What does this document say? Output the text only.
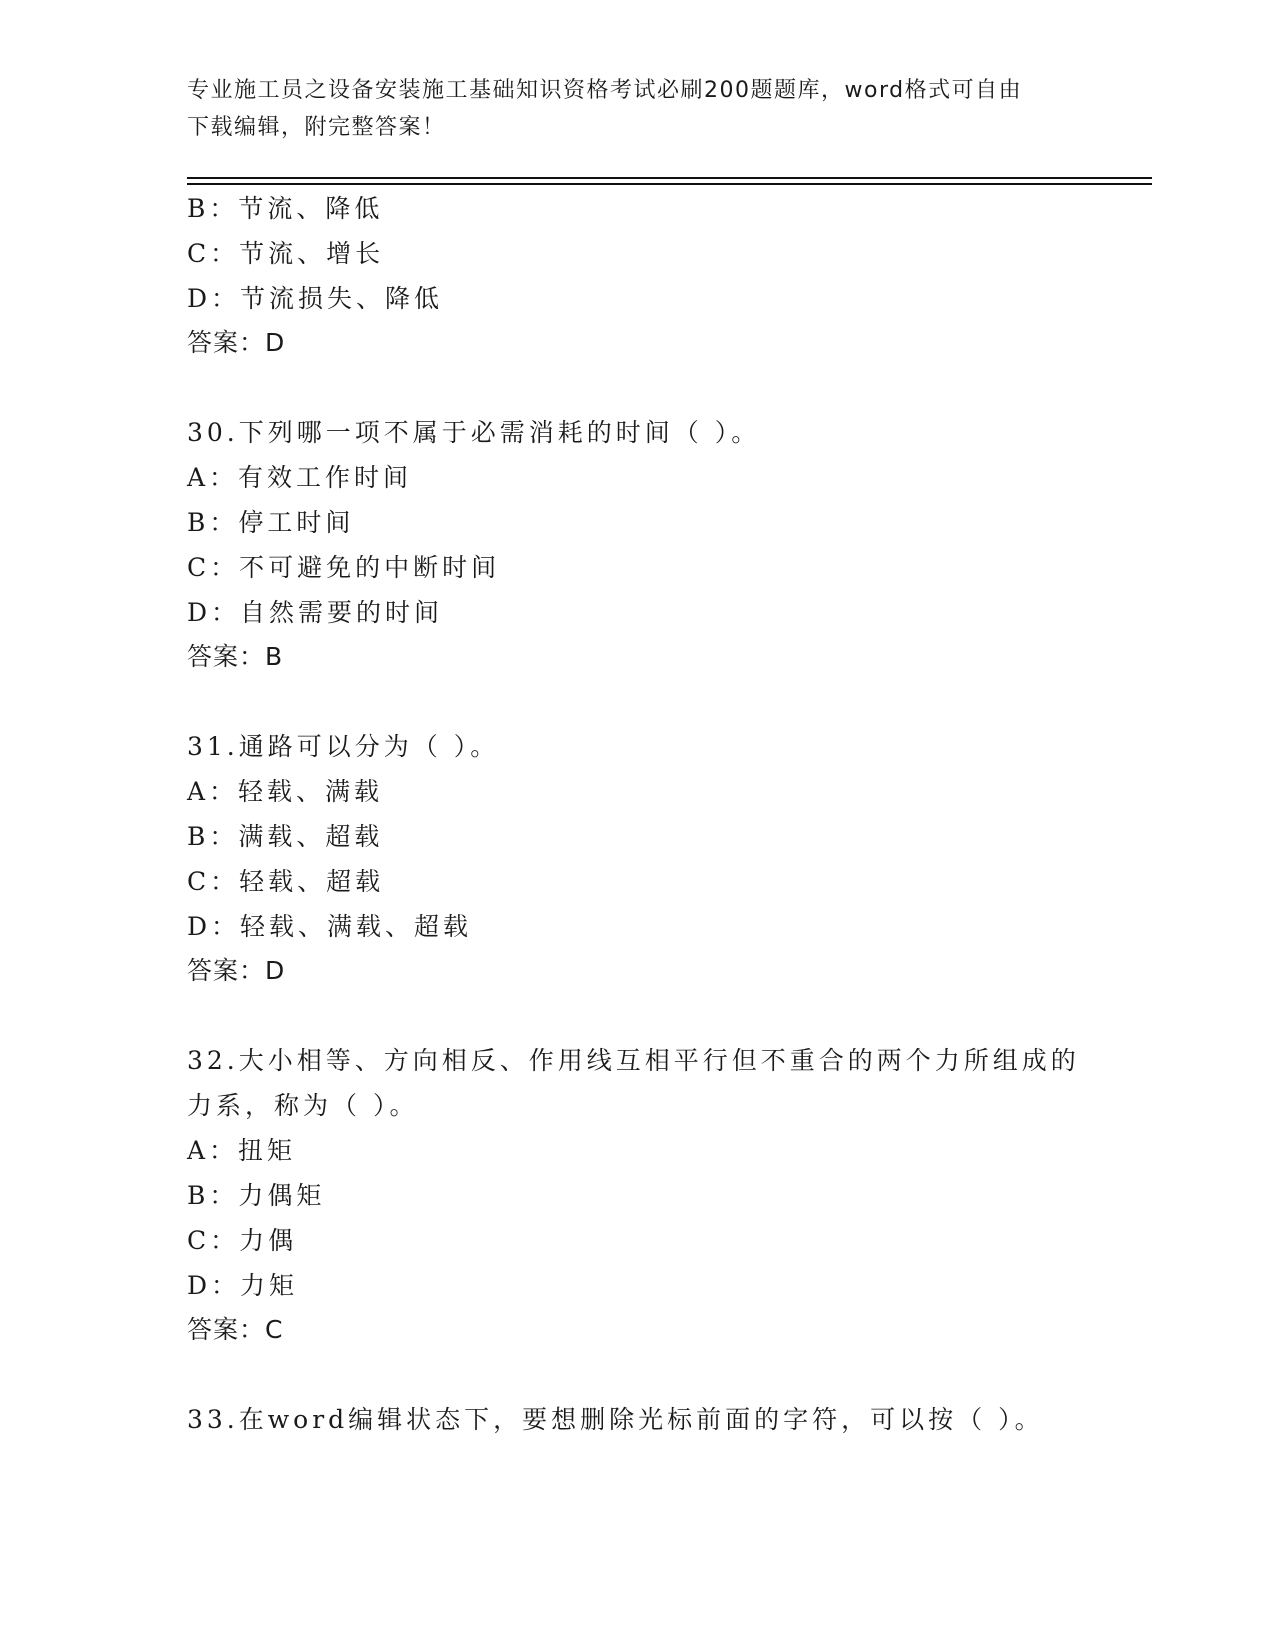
专业施工员之设备安装施工基础知识资格考试必刷200题题库，word格式可自由
下载编辑，附完整答案！
B：节流、降低
C：节流、增长
D：节流损失、降低
答案：D
30.下列哪一项不属于必需消耗的时间（ ）。
A：有效工作时间
B：停工时间
C：不可避免的中断时间
D：自然需要的时间
答案：B
31.通路可以分为（ ）。
A：轻载、满载
B：满载、超载
C：轻载、超载
D：轻载、满载、超载
答案：D
32.大小相等、方向相反、作用线互相平行但不重合的两个力所组成的
力系，称为（ ）。
A：扭矩
B：力偶矩
C：力偶
D：力矩
答案：C
33.在word编辑状态下，要想删除光标前面的字符，可以按（ ）。
